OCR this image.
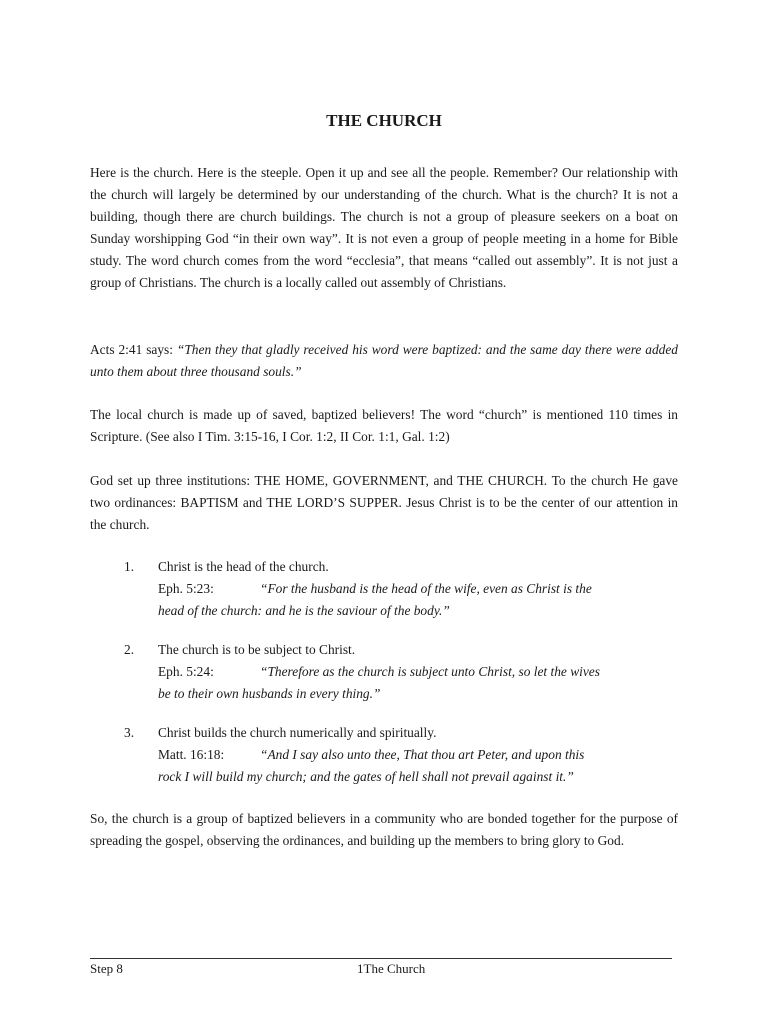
THE CHURCH

Here is the church. Here is the steeple. Open it up and see all the people. Remember? Our relationship with the church will largely be determined by our understanding of the church. What is the church? It is not a building, though there are church buildings. The church is not a group of pleasure seekers on a boat on Sunday worshipping God “in their own way”. It is not even a group of people meeting in a home for Bible study. The word church comes from the word “ecclesia”, that means “called out assembly”. It is not just a group of Christians. The church is a locally called out assembly of Christians.

Acts 2:41 says: “Then they that gladly received his word were baptized: and the same day there were added unto them about three thousand souls.”

The local church is made up of saved, baptized believers! The word “church” is mentioned 110 times in Scripture. (See also I Tim. 3:15-16, I Cor. 1:2, II Cor. 1:1, Gal. 1:2)

God set up three institutions: THE HOME, GOVERNMENT, and THE CHURCH. To the church He gave two ordinances: BAPTISM and THE LORD’S SUPPER. Jesus Christ is to be the center of our attention in the church.

1. Christ is the head of the church.
Eph. 5:23:	“For the husband is the head of the wife, even as Christ is the
head of the church: and he is the saviour of the body.”
2. The church is to be subject to Christ.
Eph. 5:24:	“Therefore as the church is subject unto Christ, so let the wives
be to their own husbands in every thing.”
3. Christ builds the church numerically and spiritually.
Matt. 16:18:	“And I say also unto thee, That thou art Peter, and upon this
rock I will build my church; and the gates of hell shall not prevail against it.”

So, the church is a group of baptized believers in a community who are bonded together for the purpose of spreading the gospel, observing the ordinances, and building up the members to bring glory to God.

Step 8	1The Church
